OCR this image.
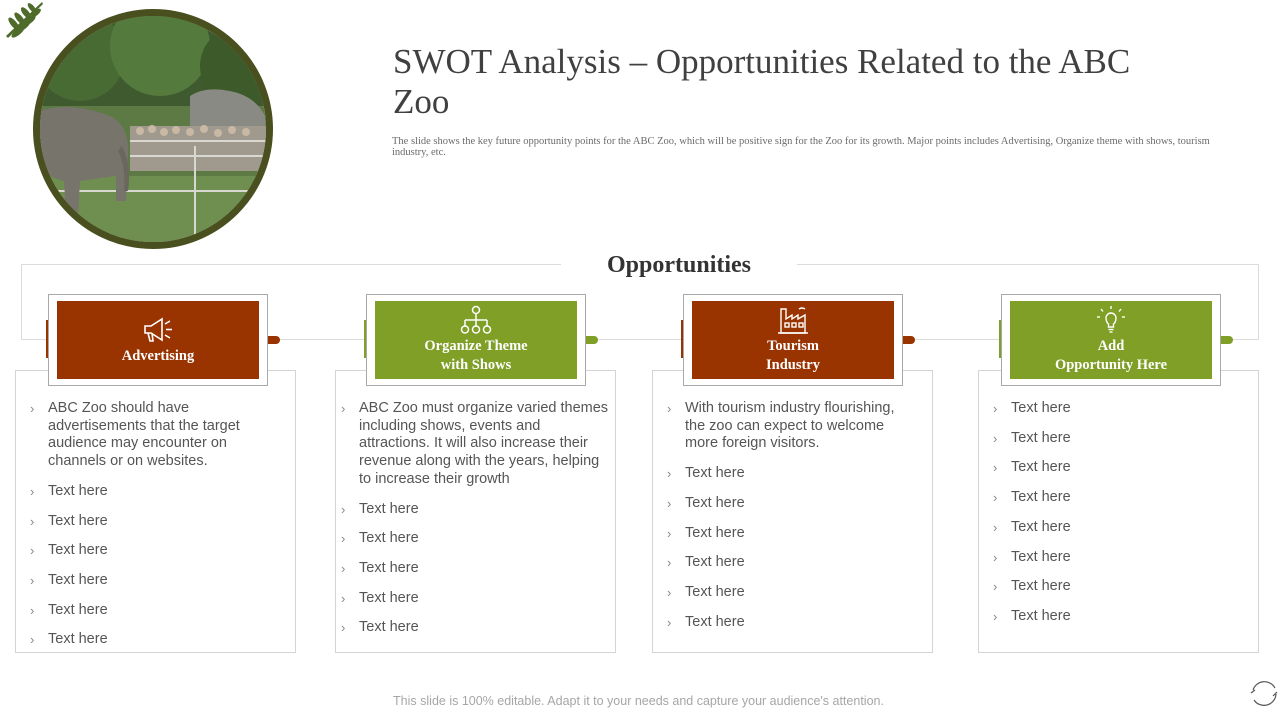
SWOT Analysis – Opportunities Related to the ABC Zoo

The slide shows the key future opportunity points for the ABC Zoo, which will be positive sign for the Zoo for its growth. Major points includes Advertising, Organize theme with shows, tourism industry, etc.

Opportunities
Advertising
Organize Theme
with Shows
Tourism
Industry
Add
Opportunity Here
› ABC Zoo should have advertisements that the target audience may encounter on channels or on websites.
› Text here
› Text here
› Text here
› Text here
› Text here
› Text here
› ABC Zoo must organize varied themes including shows, events and attractions. It will also increase their revenue along with the years, helping to increase their growth
› Text here
› Text here
› Text here
› Text here
› Text here
› With tourism industry flourishing, the zoo can expect to welcome more foreign visitors.
› Text here
› Text here
› Text here
› Text here
› Text here
› Text here
› Text here
› Text here
› Text here
› Text here
› Text here
› Text here
› Text here
› Text here
This slide is 100% editable. Adapt it to your needs and capture your audience's attention.
